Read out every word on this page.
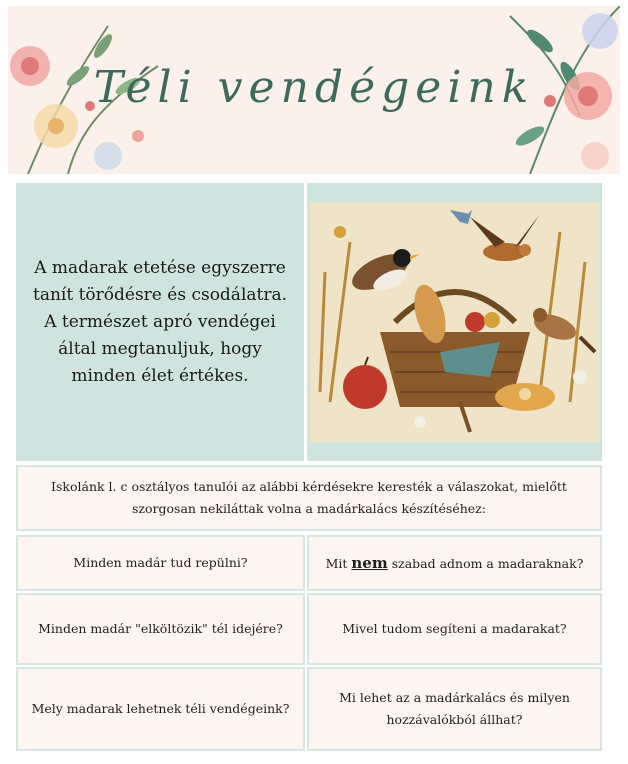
Téli vendégeink
A madarak etetése egyszerre tanít törődésre és csodálatra. A természet apró vendégei által megtanuljuk, hogy minden élet értékes.
Iskolánk l. c osztályos tanulói az alábbi kérdésekre keresték a válaszokat, mielőtt szorgosan nekiláttak volna a madárkalács készítéséhez:
Minden madár tud repülni?	Mit nem szabad adnom a madaraknak?
Minden madár "elköltözik" tél idejére?	Mivel tudom segíteni a madarakat?
Mely madarak lehetnek téli vendégeink?
Mi lehet az a madárkalács és milyen hozzávalókból állhat?
